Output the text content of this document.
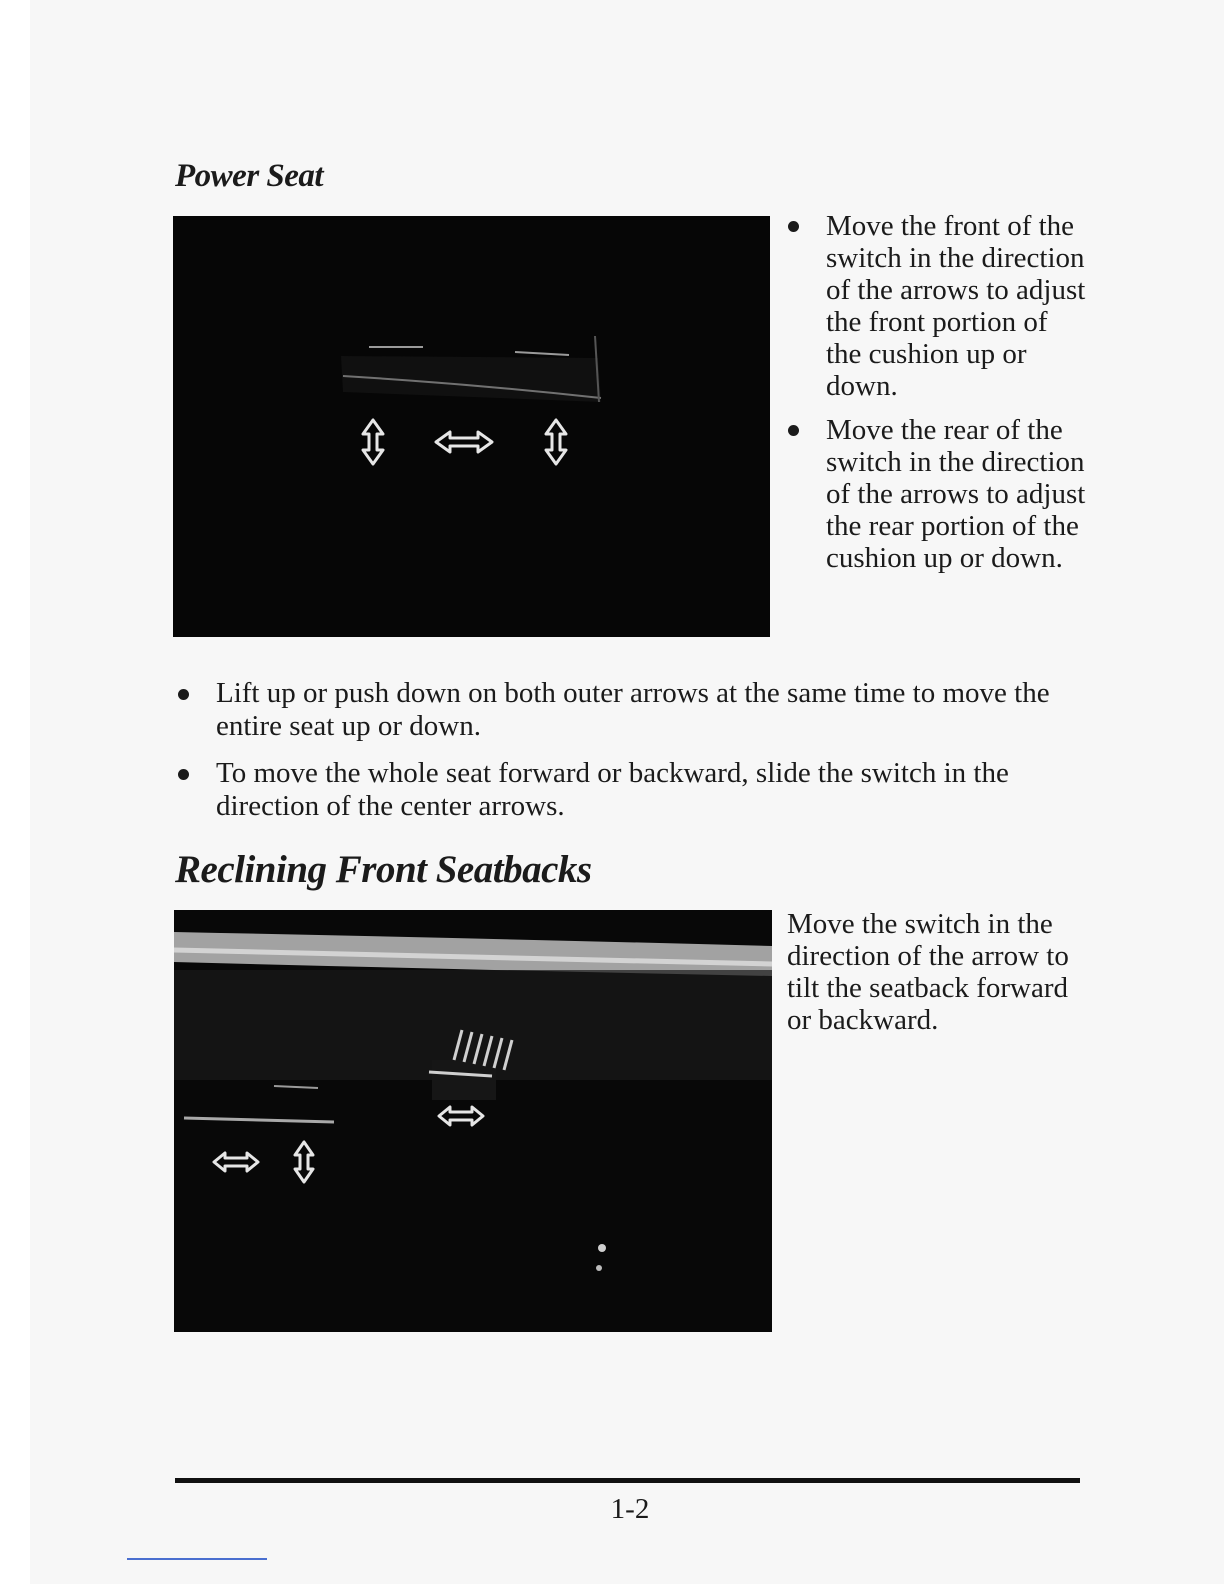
Power Seat
Move the front of the switch in the direction of the arrows to adjust the front portion of the cushion up or down.
Move the rear of the switch in the direction of the arrows to adjust the rear portion of the cushion up or down.
Lift up or push down on both outer arrows at the same time to move the entire seat up or down.
To move the whole seat forward or backward, slide the switch in the direction of the center arrows.
Reclining Front Seatbacks

Move the switch in the direction of the arrow to tilt the seatback forward or backward.

1-2
